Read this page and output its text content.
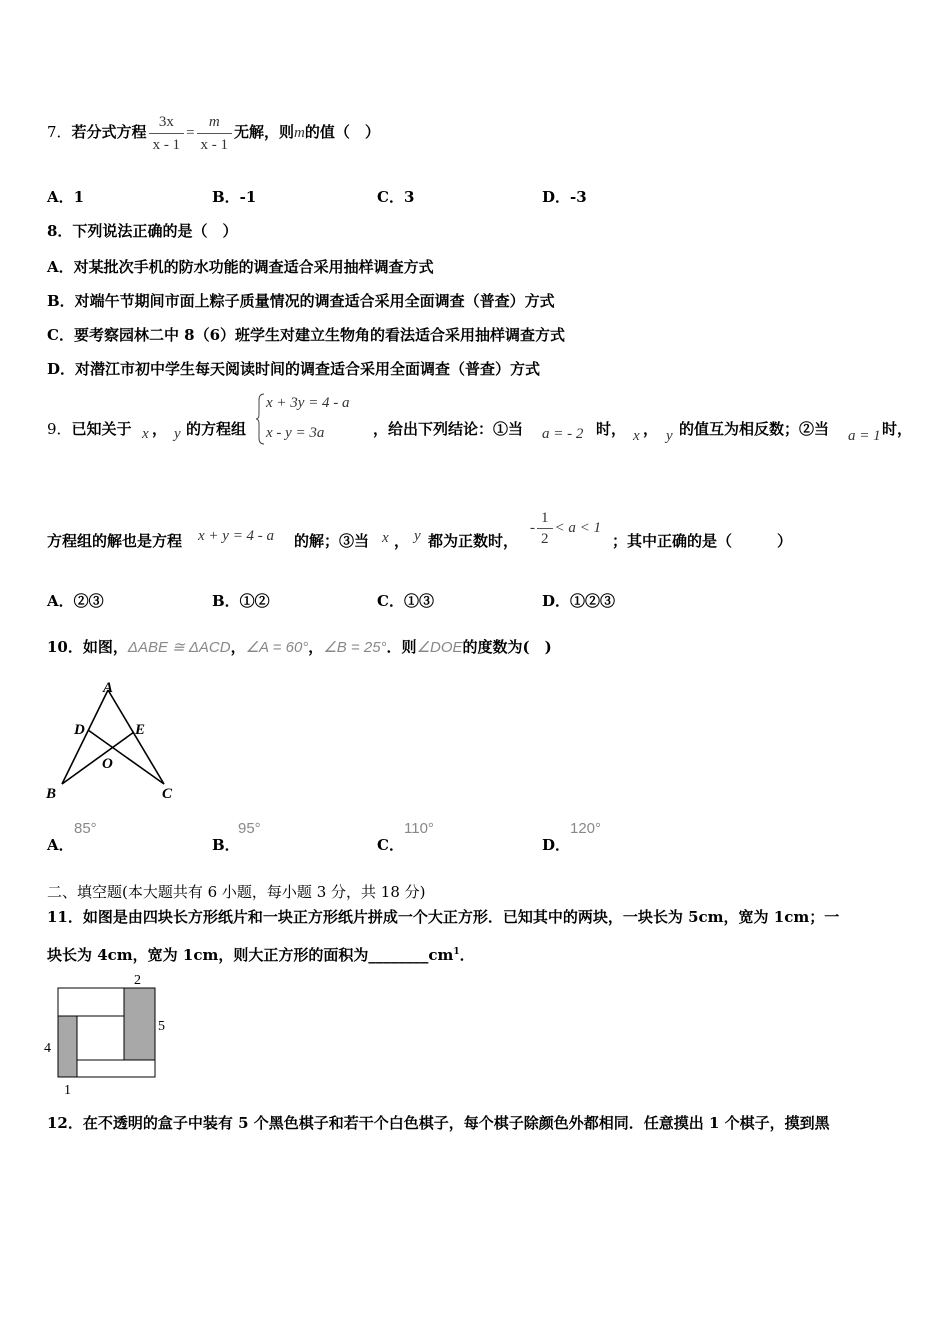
7．若分式方程 $\frac{3x}{x - 1} = \frac{m}{x - 1}$ 无解，则m的值（　）
A．1	B．-1	C．3	D．-3
8．下列说法正确的是（　）
A．对某批次手机的防水功能的调查适合采用抽样调查方式
B．对端午节期间市面上粽子质量情况的调查适合采用全面调查（普查）方式
C．要考察园林二中 8（6）班学生对建立生物角的看法适合采用抽样调查方式
D．对潜江市初中学生每天阅读时间的调查适合采用全面调查（普查）方式
9．已知关于 x ， y 的方程组
x + 3y = 4 - a
x - y = 3a	，给出下列结论：①当 a = - 2 时， x ， y 的值互为相反数；②当 a = 1 时，
方程组的解也是方程 x + y = 4 - a 的解；③当 x ， y 都为正数时，
- $\frac{1}{2} < a < 1$
；其中正确的是（　　　）
A．②③	B．①②	C．①③	D．①②③
10．如图，ΔABE ≅ ΔACD，∠A = 60°，∠B = 25°．则∠DOE的度数为(　)
A
D	E
O
B	C
A．
85°
B．
95°
C．
110°
D．
120°
二、填空题(本大题共有 6 小题，每小题 3 分，共 18 分)
11．如图是由四块长方形纸片和一块正方形纸片拼成一个大正方形．已知其中的两块，一块长为 5cm，宽为 1cm；一
块长为 4cm，宽为 1cm，则大正方形的面积为$\_\_\_\_\_\_\_\_cm^1$．
2
5
4
1
12．在不透明的盒子中装有 5 个黑色棋子和若干个白色棋子，每个棋子除颜色外都相同．任意摸出 1 个棋子，摸到黑
